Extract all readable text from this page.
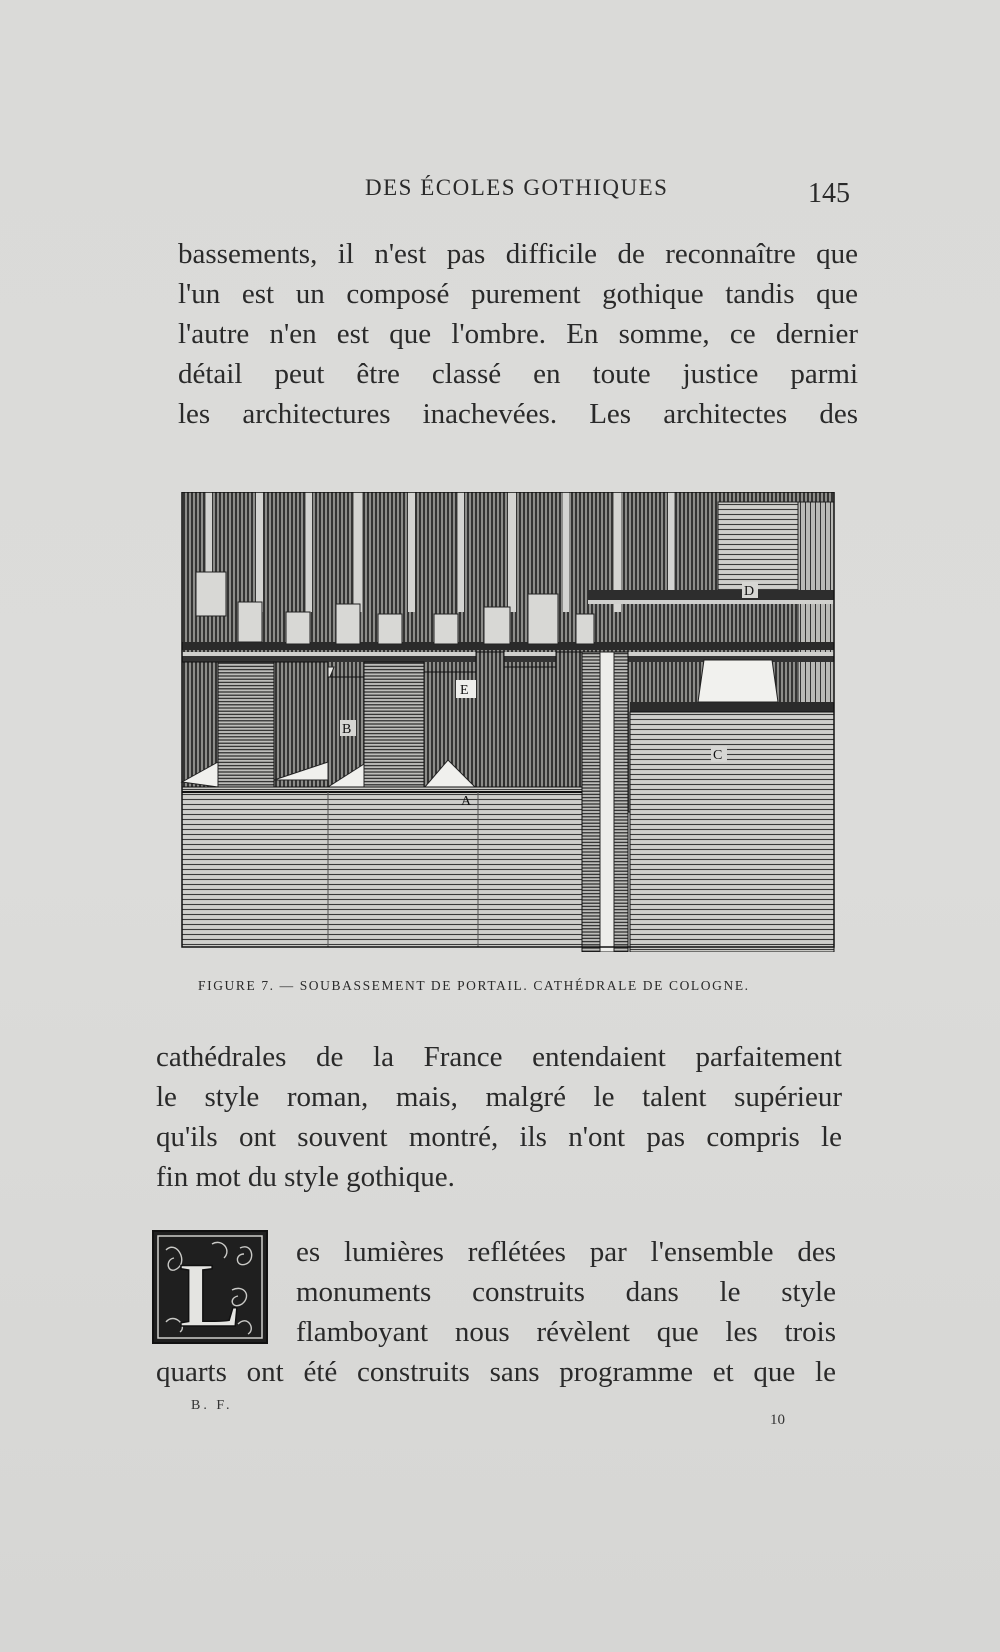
DES ÉCOLES GOTHIQUES	145
bassements, il n'est pas difficile de reconnaître que
l'un est un composé purement gothique tandis que
l'autre n'en est que l'ombre. En somme, ce dernier
détail peut être classé en toute justice parmi
les architectures inachevées. Les architectes des
B
E
A
C
D
FIGURE 7. — SOUBASSEMENT DE PORTAIL. CATHÉDRALE DE COLOGNE.
cathédrales de la France entendaient parfaitement
le style roman, mais, malgré le talent supérieur
qu'ils ont souvent montré, ils n'ont pas compris le
fin mot du style gothique.
L	es lumières reflétées par l'ensemble des
monuments construits dans le style
flamboyant nous révèlent que les trois
quarts ont été construits sans programme et que le
B. F.
10
